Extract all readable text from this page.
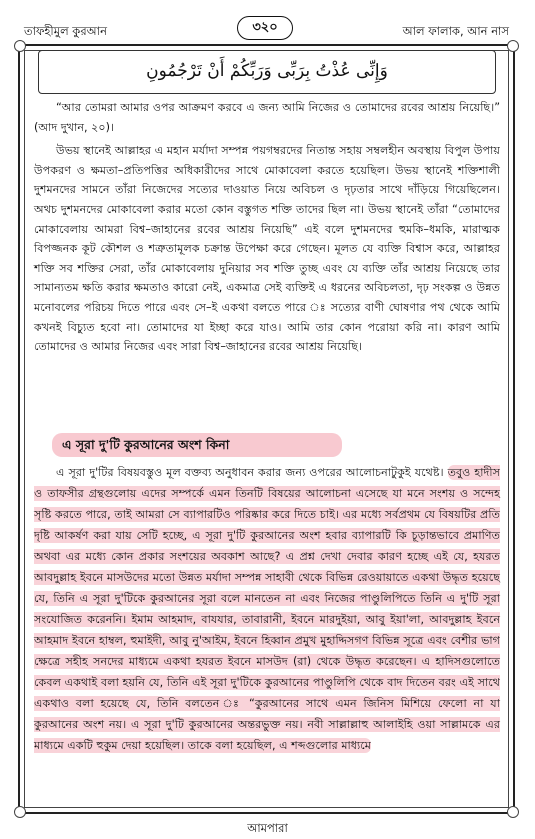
তাফহীমুল কুরআন	৩২০	আল ফালাক, আন নাস
وَإِنِّى عُذْتُ بِرَبِّى وَرَبِّكُمْ أَنْ تَرْجُمُونِ

“আর তোমরা আমার ওপর আক্রমণ করবে এ জন্য আমি নিজের ও তোমাদের রবের আশ্রয় নিয়েছি।” (আদ দুখান, ২০)।

উভয় স্থানেই আল্লাহর এ মহান মর্যাদা সম্পন্ন পয়গম্বরদের নিতান্ত সহায় সম্বলহীন অবস্থায় বিপুল উপায় উপকরণ ও ক্ষমতা–প্রতিপত্তির অধিকারীদের সাথে মোকাবেলা করতে হয়েছিল। উভয় স্থানেই শক্তিশালী দুশমনদের সামনে তাঁরা নিজেদের সত্যের দাওয়াত নিয়ে অবিচল ও দৃঢ়তার সাথে দাঁড়িয়ে গিয়েছিলেন। অথচ দুশমনদের মোকাবেলা করার মতো কোন বস্তুগত শক্তি তাদের ছিল না। উভয় স্থানেই তাঁরা “তোমাদের মোকাবেলায় আমরা বিশ্ব–জাহানের রবের আশ্রয় নিয়েছি” এই বলে দুশমনদের হুমকি–ধমকি, মারাত্মক বিপজ্জনক কূট কৌশল ও শত্রুতামূলক চক্রান্ত উপেক্ষা করে গেছেন। মূলত যে ব্যক্তি বিশ্বাস করে, আল্লাহর শক্তি সব শক্তির সেরা, তাঁর মোকাবেলায় দুনিয়ার সব শক্তি তুচ্ছ এবং যে ব্যক্তি তাঁর আশ্রয় নিয়েছে তার সামান্যতম ক্ষতি করার ক্ষমতাও কারো নেই, একমাত্র সেই ব্যক্তিই এ ধরনের অবিচলতা, দৃঢ় সংকল্প ও উন্নত মনোবলের পরিচয় দিতে পারে এবং সে–ই একথা বলতে পারে ঃ সত্যের বাণী ঘোষণার পথ থেকে আমি কখনই বিচ্যুত হবো না। তোমাদের যা ইচ্ছা করে যাও। আমি তার কোন পরোয়া করি না। কারণ আমি তোমাদের ও আমার নিজের এবং সারা বিশ্ব–জাহানের রবের আশ্রয় নিয়েছি।

এ সূরা দু'টি কুরআনের অংশ কিনা

এ সূরা দু'টির বিষয়বস্তুও মূল বক্তব্য অনুধাবন করার জন্য ওপরের আলোচনাটুকুই যথেষ্ট। তবুও হাদীস ও তাফসীর গ্রন্থগুলোয় এদের সম্পর্কে এমন তিনটি বিষয়ের আলোচনা এসেছে যা মনে সংশয় ও সন্দেহ সৃষ্টি করতে পারে, তাই আমরা সে ব্যাপারটিও পরিষ্কার করে দিতে চাই। এর মধ্যে সর্বপ্রথম যে বিষয়টির প্রতি দৃষ্টি আকর্ষণ করা যায় সেটি হচ্ছে, এ সূরা দু'টি কুরআনের অংশ হবার ব্যাপারটি কি চূড়ান্তভাবে প্রমাণিত অথবা এর মধ্যে কোন প্রকার সংশয়ের অবকাশ আছে? এ প্রশ্ন দেখা দেবার কারণ হচ্ছে এই যে, হযরত আবদুল্লাহ ইবনে মাসউদের মতো উন্নত মর্যাদা সম্পন্ন সাহাবী থেকে বিভিন্ন রেওয়ায়াতে একথা উদ্ধৃত হয়েছে যে, তিনি এ সূরা দু'টিকে কুরআনের সূরা বলে মানতেন না এবং নিজের পাণ্ডুলিপিতে তিনি এ দু'টি সূরা সংযোজিত করেননি। ইমাম আহমাদ, বাযযার, তাবারানী, ইবনে মারদুইয়া, আবু ইয়া'লা, আবদুল্লাহ ইবনে আহমাদ ইবনে হাম্বল, হুমাইদী, আবু নু'আইম, ইবনে হিব্বান প্রমুখ মুহাদ্দিসগণ বিভিন্ন সূত্রে এবং বেশীর ভাগ ক্ষেত্রে সহীহ সনদের মাধ্যমে একথা হযরত ইবনে মাসউদ (রা) থেকে উদ্ধৃত করেছেন। এ হাদিসগুলোতে কেবল একথাই বলা হয়নি যে, তিনি এই সূরা দু'টিকে কুরআনের পাণ্ডুলিপি থেকে বাদ দিতেন বরং এই সাথে একথাও বলা হয়েছে যে, তিনি বলতেন ঃ “কুরআনের সাথে এমন জিনিস মিশিয়ে ফেলো না যা কুরআনের অংশ নয়। এ সূরা দু'টি কুরআনের অন্তরভুক্ত নয়। নবী সাল্লাল্লাহু আলাইহি ওয়া সাল্লামকে এর মাধ্যমে একটি হুকুম দেয়া হয়েছিল। তাকে বলা হয়েছিল, এ শব্দগুলোর মাধ্যমে

আমপারা
